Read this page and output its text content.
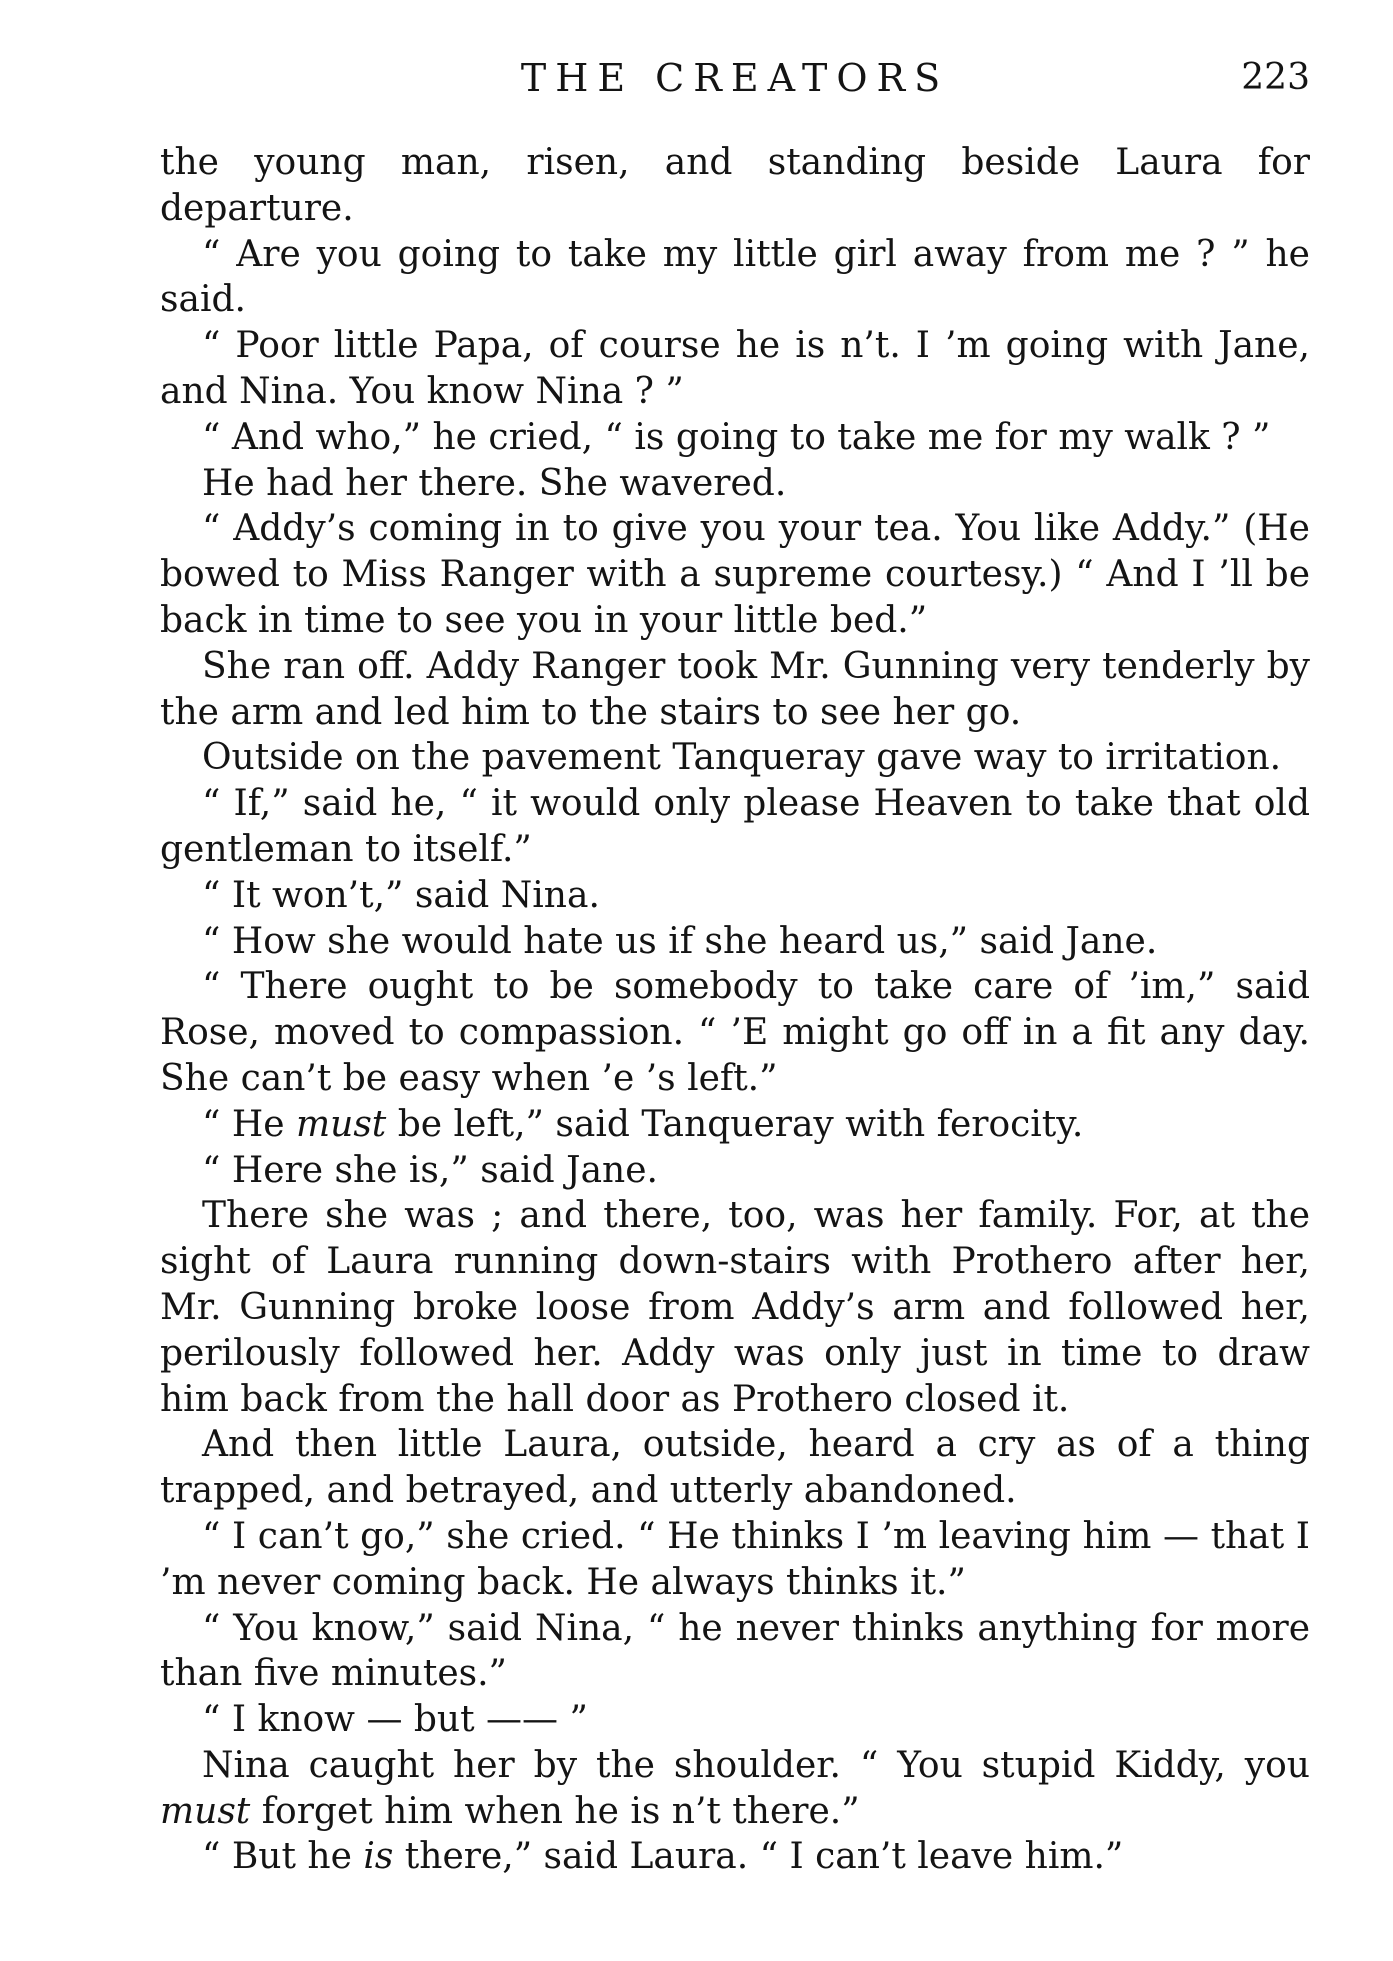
THE CREATORS	223

the young man, risen, and standing beside Laura for departure.

“ Are you going to take my little girl away from me ? ” he said.

“ Poor little Papa, of course he is n’t. I ’m going with Jane, and Nina. You know Nina ? ”

“ And who,” he cried, “ is going to take me for my walk ? ”

He had her there. She wavered.

“ Addy’s coming in to give you your tea. You like Addy.” (He bowed to Miss Ranger with a supreme courtesy.) “ And I ’ll be back in time to see you in your little bed.”

She ran off. Addy Ranger took Mr. Gunning very tenderly by the arm and led him to the stairs to see her go.

Outside on the pavement Tanqueray gave way to irritation.

“ If,” said he, “ it would only please Heaven to take that old gentleman to itself.”

“ It won’t,” said Nina.

“ How she would hate us if she heard us,” said Jane.

“ There ought to be somebody to take care of ’im,” said Rose, moved to compassion. “ ’E might go off in a fit any day. She can’t be easy when ’e ’s left.”

“ He must be left,” said Tanqueray with ferocity.

“ Here she is,” said Jane.

There she was ; and there, too, was her family. For, at the sight of Laura running down-stairs with Prothero after her, Mr. Gunning broke loose from Addy’s arm and followed her, perilously followed her. Addy was only just in time to draw him back from the hall door as Prothero closed it.

And then little Laura, outside, heard a cry as of a thing trapped, and betrayed, and utterly abandoned.

“ I can’t go,” she cried. “ He thinks I ’m leaving him — that I ’m never coming back. He always thinks it.”

“ You know,” said Nina, “ he never thinks anything for more than five minutes.”

“ I know — but —— ”

Nina caught her by the shoulder. “ You stupid Kiddy, you must forget him when he is n’t there.”

“ But he is there,” said Laura. “ I can’t leave him.”
